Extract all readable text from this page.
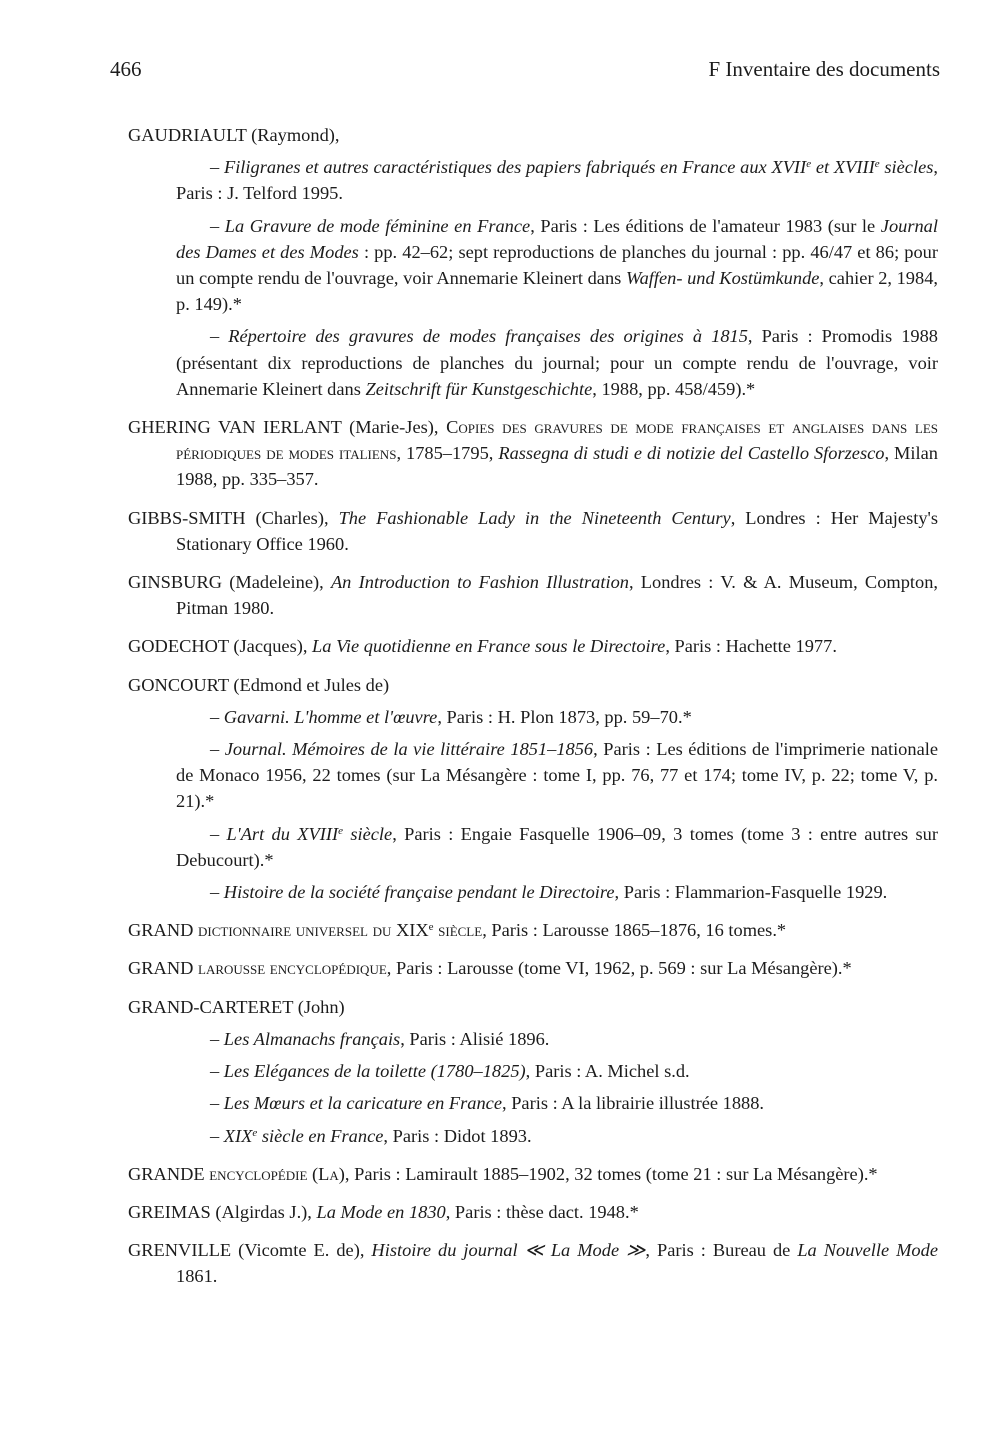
466	F Inventaire des documents

GAUDRIAULT (Raymond),

– Filigranes et autres caractéristiques des papiers fabriqués en France aux XVIIe et XVIIIe siècles, Paris : J. Telford 1995.

– La Gravure de mode féminine en France, Paris : Les éditions de l'amateur 1983 (sur le Journal des Dames et des Modes : pp. 42–62; sept reproductions de planches du journal : pp. 46/47 et 86; pour un compte rendu de l'ouvrage, voir Annemarie Kleinert dans Waffen- und Kostümkunde, cahier 2, 1984, p. 149).*

– Répertoire des gravures de modes françaises des origines à 1815, Paris : Promodis 1988 (présentant dix reproductions de planches du journal; pour un compte rendu de l'ouvrage, voir Annemarie Kleinert dans Zeitschrift für Kunstgeschichte, 1988, pp. 458/459).*

GHERING VAN IERLANT (Marie-Jes), Copies des gravures de mode françaises et anglaises dans les périodiques de modes italiens, 1785–1795, Rassegna di studi e di notizie del Castello Sforzesco, Milan 1988, pp. 335–357.

GIBBS-SMITH (Charles), The Fashionable Lady in the Nineteenth Century, Londres : Her Majesty's Stationary Office 1960.

GINSBURG (Madeleine), An Introduction to Fashion Illustration, Londres : V. & A. Museum, Compton, Pitman 1980.

GODECHOT (Jacques), La Vie quotidienne en France sous le Directoire, Paris : Hachette 1977.

GONCOURT (Edmond et Jules de)

– Gavarni. L'homme et l'œuvre, Paris : H. Plon 1873, pp. 59–70.*

– Journal. Mémoires de la vie littéraire 1851–1856, Paris : Les éditions de l'imprimerie nationale de Monaco 1956, 22 tomes (sur La Mésangère : tome I, pp. 76, 77 et 174; tome IV, p. 22; tome V, p. 21).*

– L'Art du XVIIIe siècle, Paris : Engaie Fasquelle 1906–09, 3 tomes (tome 3 : entre autres sur Debucourt).*

– Histoire de la société française pendant le Directoire, Paris : Flammarion-Fasquelle 1929.

GRAND dictionnaire universel du XIXe siècle, Paris : Larousse 1865–1876, 16 tomes.*

GRAND larousse encyclopédique, Paris : Larousse (tome VI, 1962, p. 569 : sur La Mésangère).*

GRAND-CARTERET (John)

– Les Almanachs français, Paris : Alisié 1896.

– Les Elégances de la toilette (1780–1825), Paris : A. Michel s.d.

– Les Mœurs et la caricature en France, Paris : A la librairie illustrée 1888.

– XIXe siècle en France, Paris : Didot 1893.

GRANDE encyclopédie (La), Paris : Lamirault 1885–1902, 32 tomes (tome 21 : sur La Mésangère).*

GREIMAS (Algirdas J.), La Mode en 1830, Paris : thèse dact. 1948.*

GRENVILLE (Vicomte E. de), Histoire du journal ≪ La Mode ≫, Paris : Bureau de La Nouvelle Mode 1861.
